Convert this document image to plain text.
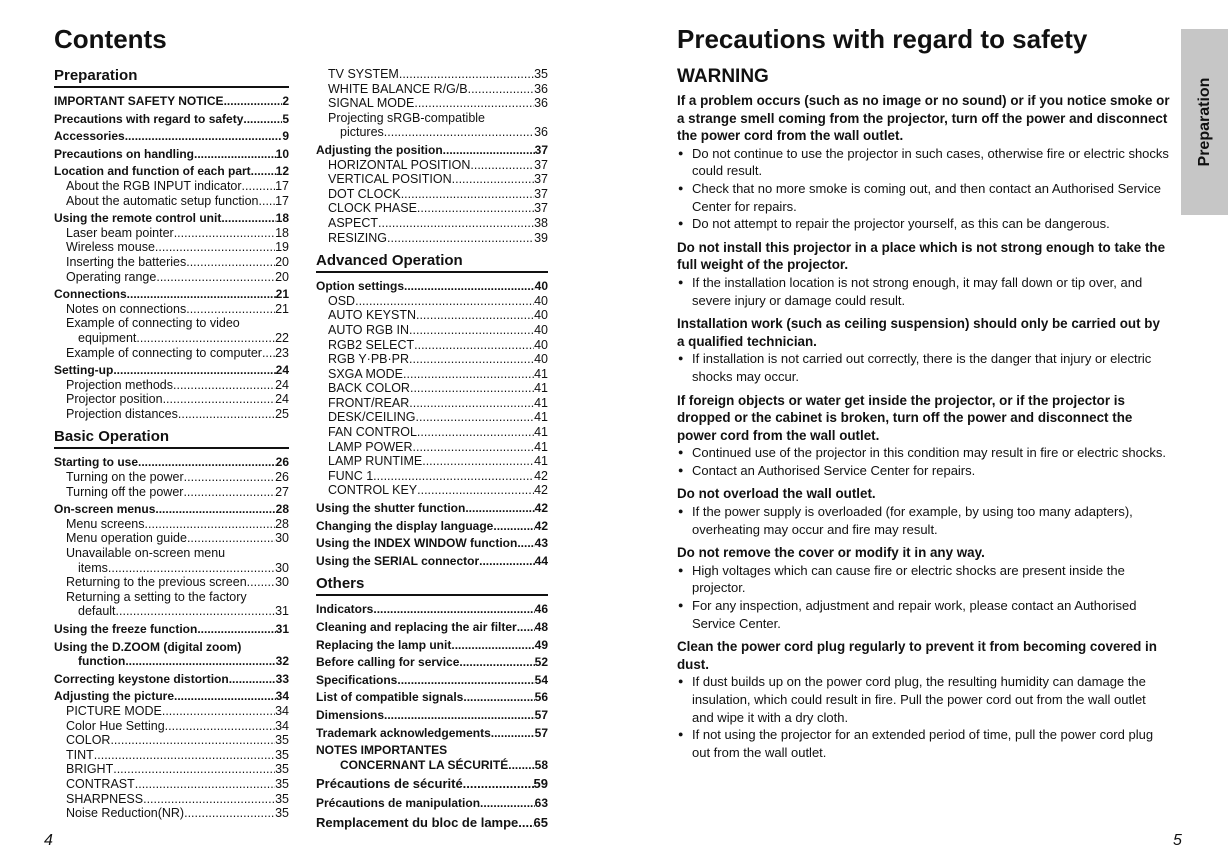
Contents
Preparation
IMPORTANT SAFETY NOTICE .....	2
Precautions with regard to safety .....	5
Accessories .....	9
Precautions on handling .....	10
Location and function of each part ..... 12
About the RGB INPUT indicator .....	17
About the automatic setup function ..... 17
Using the remote control unit .....	18
Laser beam pointer .....	18
Wireless mouse .....	19
Inserting the batteries .....	20
Operating range .....	20
Connections .....	21
Notes on connections .....	21
Example of connecting to video
equipment .....	22
Example of connecting to computer ..... 23
Setting-up .....	24
Projection methods .....	24
Projector position .....	24
Projection distances .....	25
Basic Operation
Starting to use .....	26
Turning on the power .....	26
Turning off the power .....	27
On-screen menus .....	28
Menu screens .....	28
Menu operation guide .....	30
Unavailable on-screen menu
items .....	30
Returning to the previous screen ..... 30
Returning a setting to the factory
default .....	31
Using the freeze function .....	31
Using the D.ZOOM (digital zoom)
function .....	32
Correcting keystone distortion .....	33
Adjusting the picture .....	34
PICTURE MODE .....	34
Color Hue Setting .....	34
COLOR .....	35
TINT .....	35
BRIGHT .....	35
CONTRAST .....	35
SHARPNESS .....	35
Noise Reduction(NR) .....	35
TV SYSTEM .....	35
WHITE BALANCE R/G/B .....	36
SIGNAL MODE .....	36
Projecting sRGB-compatible
pictures .....	36
Adjusting the position .....	37
HORIZONTAL POSITION .....	37
VERTICAL POSITION .....	37
DOT CLOCK .....	37
CLOCK PHASE .....	37
ASPECT .....	38
RESIZING .....	39
Advanced Operation
Option settings .....	40
OSD .....	40
AUTO KEYSTN .....	40
AUTO RGB IN .....	40
RGB2 SELECT .....	40
RGB Y·PB·PR .....	40
SXGA MODE .....	41
BACK COLOR .....	41
FRONT/REAR .....	41
DESK/CEILING .....	41
FAN CONTROL .....	41
LAMP POWER .....	41
LAMP RUNTIME .....	41
FUNC 1 .....	42
CONTROL KEY .....	42
Using the shutter function .....	42
Changing the display language .....	42
Using the INDEX WINDOW function ..... 43
Using the SERIAL connector .....	44
Others
Indicators .....	46
Cleaning and replacing the air filter ..... 48
Replacing the lamp unit .....	49
Before calling for service .....	52
Specifications .....	54
List of compatible signals .....	56
Dimensions .....	57
Trademark acknowledgements .....	57
NOTES IMPORTANTES
CONCERNANT LA SÉCURITÉ ..... 58
Précautions de sécurité .....	59
Précautions de manipulation .....	63
Remplacement du bloc de lampe ..... 65
4
Precautions with regard to safety
WARNING
If a problem occurs (such as no image or no sound) or if you notice smoke or a strange smell coming from the projector, turn off the power and disconnect the power cord from the wall outlet.
● Do not continue to use the projector in such cases, otherwise fire or electric shocks could result.
● Check that no more smoke is coming out, and then contact an Authorised Service Center for repairs.
● Do not attempt to repair the projector yourself, as this can be dangerous.
Do not install this projector in a place which is not strong enough to take the full weight of the projector.
● If the installation location is not strong enough, it may fall down or tip over, and severe injury or damage could result.
Installation work (such as ceiling suspension) should only be carried out by a qualified technician.
● If installation is not carried out correctly, there is the danger that injury or electric shocks may occur.
If foreign objects or water get inside the projector, or if the projector is dropped or the cabinet is broken, turn off the power and disconnect the power cord from the wall outlet.
● Continued use of the projector in this condition may result in fire or electric shocks.
● Contact an Authorised Service Center for repairs.
Do not overload the wall outlet.
● If the power supply is overloaded (for example, by using too many adapters), overheating may occur and fire may result.
Do not remove the cover or modify it in any way.
● High voltages which can cause fire or electric shocks are present inside the projector.
● For any inspection, adjustment and repair work, please contact an Authorised Service Center.
Clean the power cord plug regularly to prevent it from becoming covered in dust.
● If dust builds up on the power cord plug, the resulting humidity can damage the insulation, which could result in fire. Pull the power cord out from the wall outlet and wipe it with a dry cloth.
● If not using the projector for an extended period of time, pull the power cord plug out from the wall outlet.
Preparation
5
